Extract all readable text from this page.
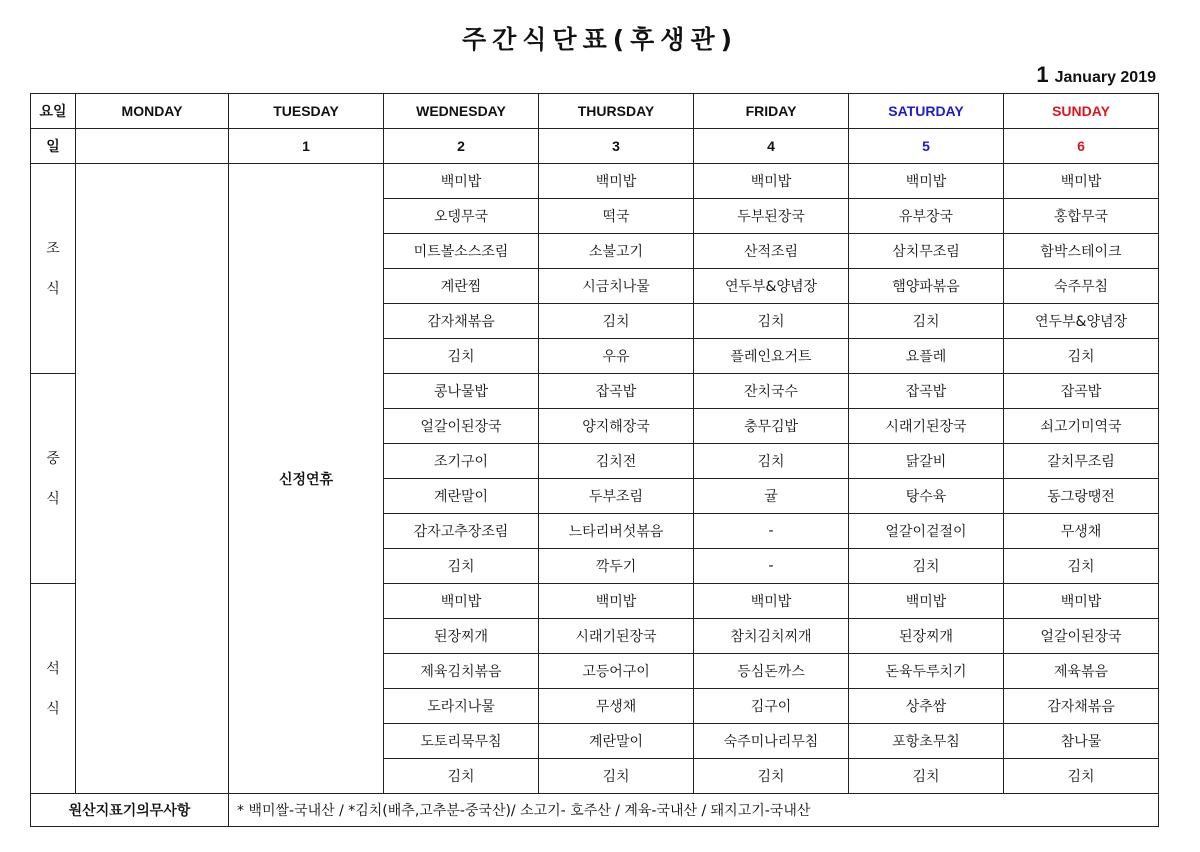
주간식단표(후생관)
1 January 2019
요일	MONDAY	TUESDAY	WEDNESDAY	THURSDAY	FRIDAY	SATURDAY	SUNDAY
일		1	2	3	4	5	6

조
식		신정연휴	백미밥	백미밥	백미밥	백미밥	백미밥
			오뎅무국	떡국	두부된장국	유부장국	홍합무국
			미트볼소스조림	소불고기	산적조림	삼치무조림	함박스테이크
			계란찜	시금치나물	연두부&양념장	햄양파볶음	숙주무침
			감자채볶음	김치	김치	김치	연두부&양념장
			김치	우유	플레인요거트	요플레	김치

중
식			콩나물밥	잡곡밥	잔치국수	잡곡밥	잡곡밥
			얼갈이된장국	양지해장국	충무김밥	시래기된장국	쇠고기미역국
			조기구이	김치전	김치	닭갈비	갈치무조림
			계란말이	두부조림	귤	탕수육	동그랑땡전
			감자고추장조림	느타리버섯볶음	-	얼갈이겉절이	무생채
			김치	깍두기	-	김치	김치

석
식			백미밥	백미밥	백미밥	백미밥	백미밥
			된장찌개	시래기된장국	참치김치찌개	된장찌개	얼갈이된장국
			제육김치볶음	고등어구이	등심돈까스	돈육두루치기	제육볶음
			도라지나물	무생채	김구이	상추쌈	감자채볶음
			도토리묵무침	계란말이	숙주미나리무침	포항초무침	참나물
			김치	김치	김치	김치	김치
원산지표기의무사항		* 백미쌀-국내산 / *김치(배추,고추분-중국산)/ 소고기- 호주산 / 계육-국내산 / 돼지고기-국내산					
